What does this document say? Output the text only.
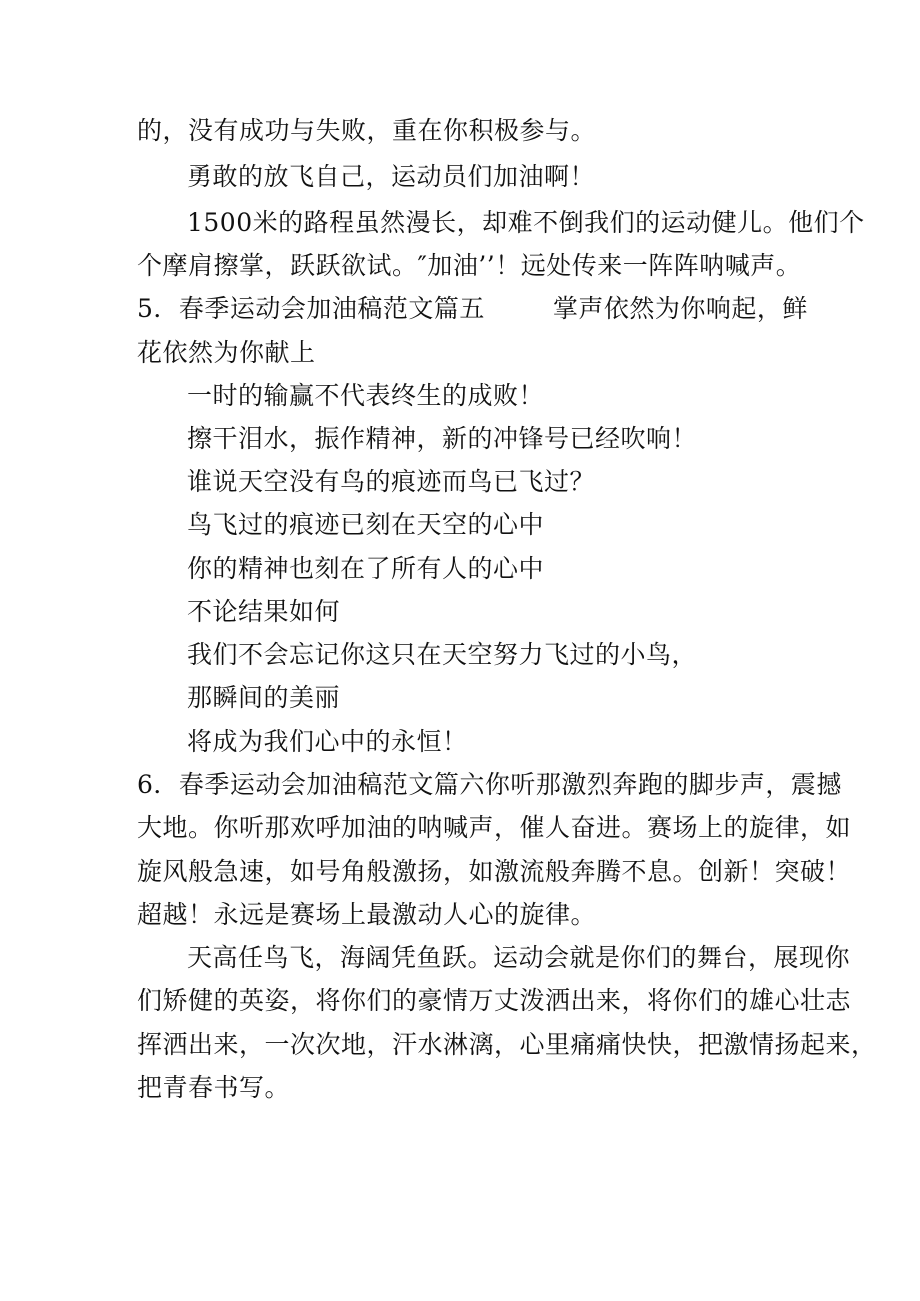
的，没有成功与失败，重在你积极参与。

勇敢的放飞自己，运动员们加油啊！

1500米的路程虽然漫长，却难不倒我们的运动健儿。他们个

个摩肩擦掌，跃跃欲试。″加油’’！远处传来一阵阵呐喊声。

5．春季运动会加油稿范文篇五	掌声依然为你响起，鲜

花依然为你献上

一时的输赢不代表终生的成败！

擦干泪水，振作精神，新的冲锋号已经吹响！

谁说天空没有鸟的痕迹而鸟已飞过？

鸟飞过的痕迹已刻在天空的心中

你的精神也刻在了所有人的心中

不论结果如何

我们不会忘记你这只在天空努力飞过的小鸟，

那瞬间的美丽

将成为我们心中的永恒！

6．春季运动会加油稿范文篇六你听那激烈奔跑的脚步声，震撼

大地。你听那欢呼加油的呐喊声，催人奋进。赛场上的旋律，如

旋风般急速，如号角般激扬，如激流般奔腾不息。创新！突破！

超越！永远是赛场上最激动人心的旋律。

天高任鸟飞，海阔凭鱼跃。运动会就是你们的舞台，展现你

们矫健的英姿，将你们的豪情万丈泼洒出来，将你们的雄心壮志

挥洒出来，一次次地，汗水淋漓，心里痛痛快快，把激情扬起来，

把青春书写。
